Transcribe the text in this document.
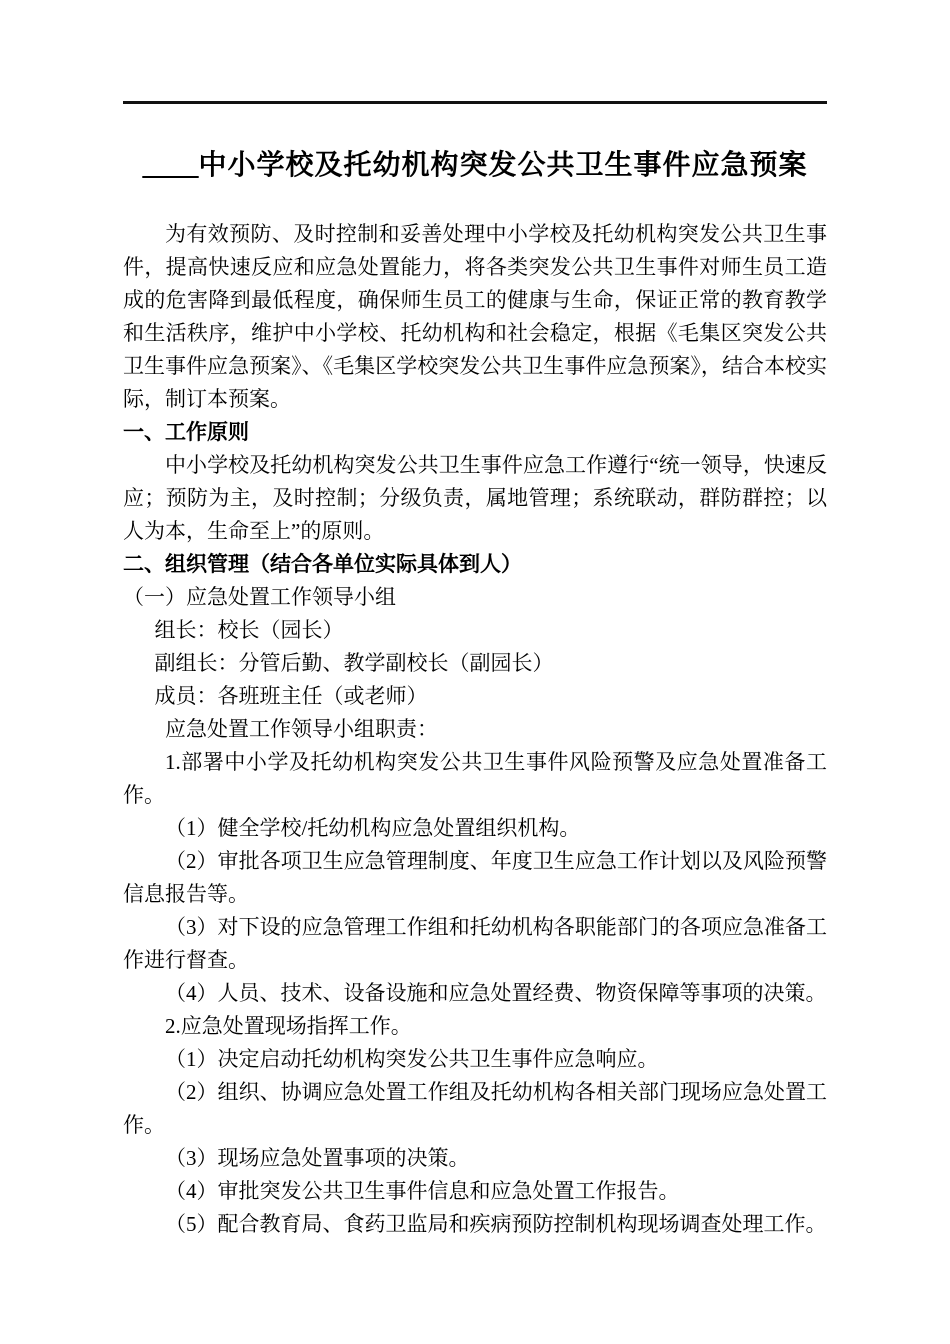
____中小学校及托幼机构突发公共卫生事件应急预案

为有效预防、及时控制和妥善处理中小学校及托幼机构突发公共卫生事件，提高快速反应和应急处置能力，将各类突发公共卫生事件对师生员工造成的危害降到最低程度，确保师生员工的健康与生命，保证正常的教育教学和生活秩序，维护中小学校、托幼机构和社会稳定，根据《毛集区突发公共卫生事件应急预案》、《毛集区学校突发公共卫生事件应急预案》，结合本校实际，制订本预案。

一、工作原则

中小学校及托幼机构突发公共卫生事件应急工作遵行“统一领导，快速反应；预防为主，及时控制；分级负责，属地管理；系统联动，群防群控；以人为本，生命至上”的原则。

二、组织管理（结合各单位实际具体到人）

（一）应急处置工作领导小组

组长：校长（园长）

副组长：分管后勤、教学副校长（副园长）

成员：各班班主任（或老师）

应急处置工作领导小组职责：

1.部署中小学及托幼机构突发公共卫生事件风险预警及应急处置准备工作。

（1）健全学校/托幼机构应急处置组织机构。

（2）审批各项卫生应急管理制度、年度卫生应急工作计划以及风险预警信息报告等。

（3）对下设的应急管理工作组和托幼机构各职能部门的各项应急准备工作进行督查。

（4）人员、技术、设备设施和应急处置经费、物资保障等事项的决策。

2.应急处置现场指挥工作。

（1）决定启动托幼机构突发公共卫生事件应急响应。

（2）组织、协调应急处置工作组及托幼机构各相关部门现场应急处置工作。

（3）现场应急处置事项的决策。

（4）审批突发公共卫生事件信息和应急处置工作报告。

（5）配合教育局、食药卫监局和疾病预防控制机构现场调查处理工作。
